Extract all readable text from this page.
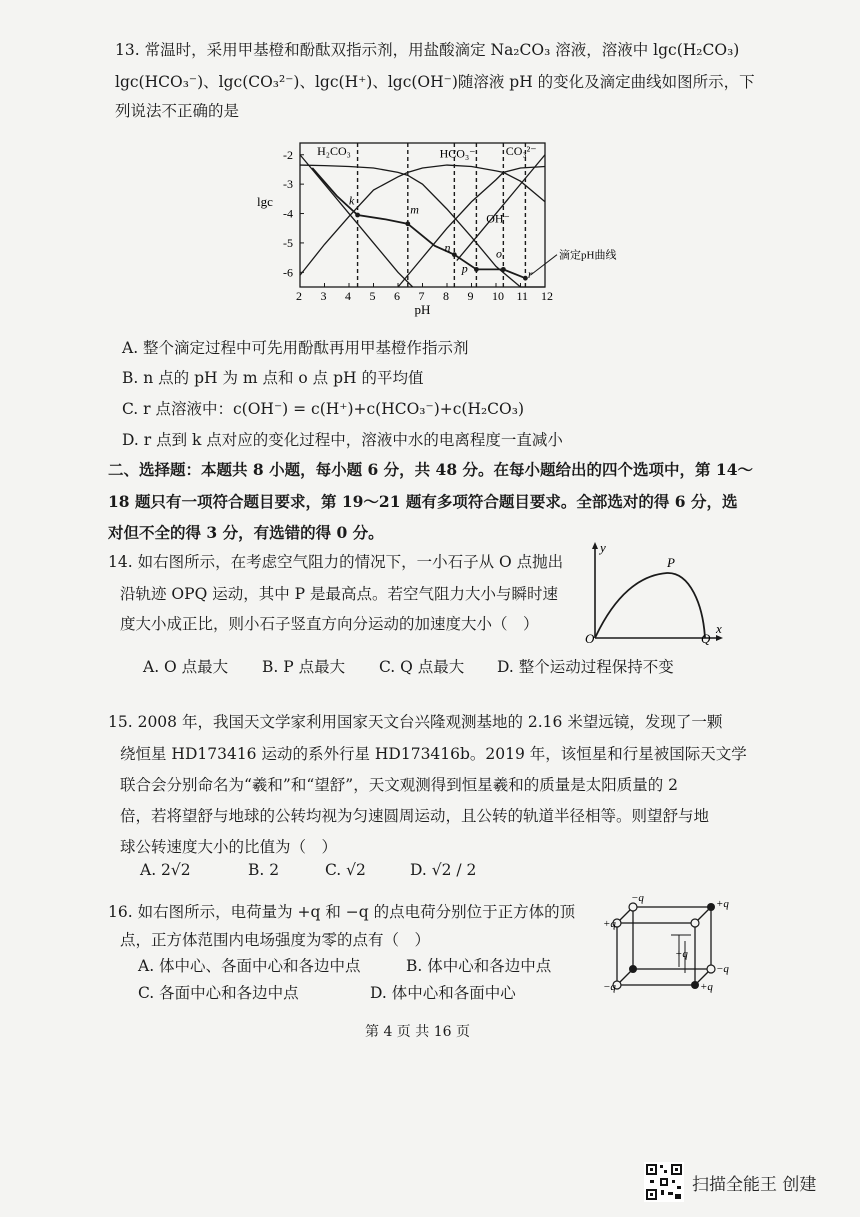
13. 常温时，采用甲基橙和酚酞双指示剂，用盐酸滴定 Na₂CO₃ 溶液，溶液中 lgc(H₂CO₃)
lgc(HCO₃⁻)、lgc(CO₃²⁻)、lgc(H⁺)、lgc(OH⁻)随溶液 pH 的变化及滴定曲线如图所示，下
列说法不正确的是
2 3 4 5 6 7 8 9 10 11 12
-2
-3
-4
-5
-6
lgc
pH
H₂CO₃	HCO₃⁻	CO₃²⁻
OH⁻
k
m
n
p
o
r
滴定pH曲线
A. 整个滴定过程中可先用酚酞再用甲基橙作指示剂
B. n 点的 pH 为 m 点和 o 点 pH 的平均值
C. r 点溶液中：c(OH⁻) = c(H⁺)+c(HCO₃⁻)+c(H₂CO₃)
D. r 点到 k 点对应的变化过程中，溶液中水的电离程度一直减小
二、选择题：本题共 8 小题，每小题 6 分，共 48 分。在每小题给出的四个选项中，第 14～
18 题只有一项符合题目要求，第 19～21 题有多项符合题目要求。全部选对的得 6 分，选
对但不全的得 3 分，有选错的得 0 分。
14. 如右图所示，在考虑空气阻力的情况下，一小石子从 O 点抛出
沿轨迹 OPQ 运动，其中 P 是最高点。若空气阻力大小与瞬时速
度大小成正比，则小石子竖直方向分运动的加速度大小（　）
y
x
O
P
Q
A. O 点最大 B. P 点最大 C. Q 点最大 D. 整个运动过程保持不变
15. 2008 年，我国天文学家利用国家天文台兴隆观测基地的 2.16 米望远镜，发现了一颗
绕恒星 HD173416 运动的系外行星 HD173416b。2019 年，该恒星和行星被国际天文学
联合会分别命名为“羲和”和“望舒”，天文观测得到恒星羲和的质量是太阳质量的 2
倍，若将望舒与地球的公转均视为匀速圆周运动，且公转的轨道半径相等。则望舒与地
球公转速度大小的比值为（　）
A. 2√2	B. 2	C. √2	D. √2 / 2
16. 如右图所示，电荷量为 +q 和 −q 的点电荷分别位于正方体的顶
点，正方体范围内电场强度为零的点有（　）
A. 体中心、各面中心和各边中点	B. 体中心和各边中点
C. 各面中心和各边中点	D. 体中心和各面中心
−q	+q
+q
+q
−q
−q	+q
第 4 页 共 16 页
扫描全能王 创建
